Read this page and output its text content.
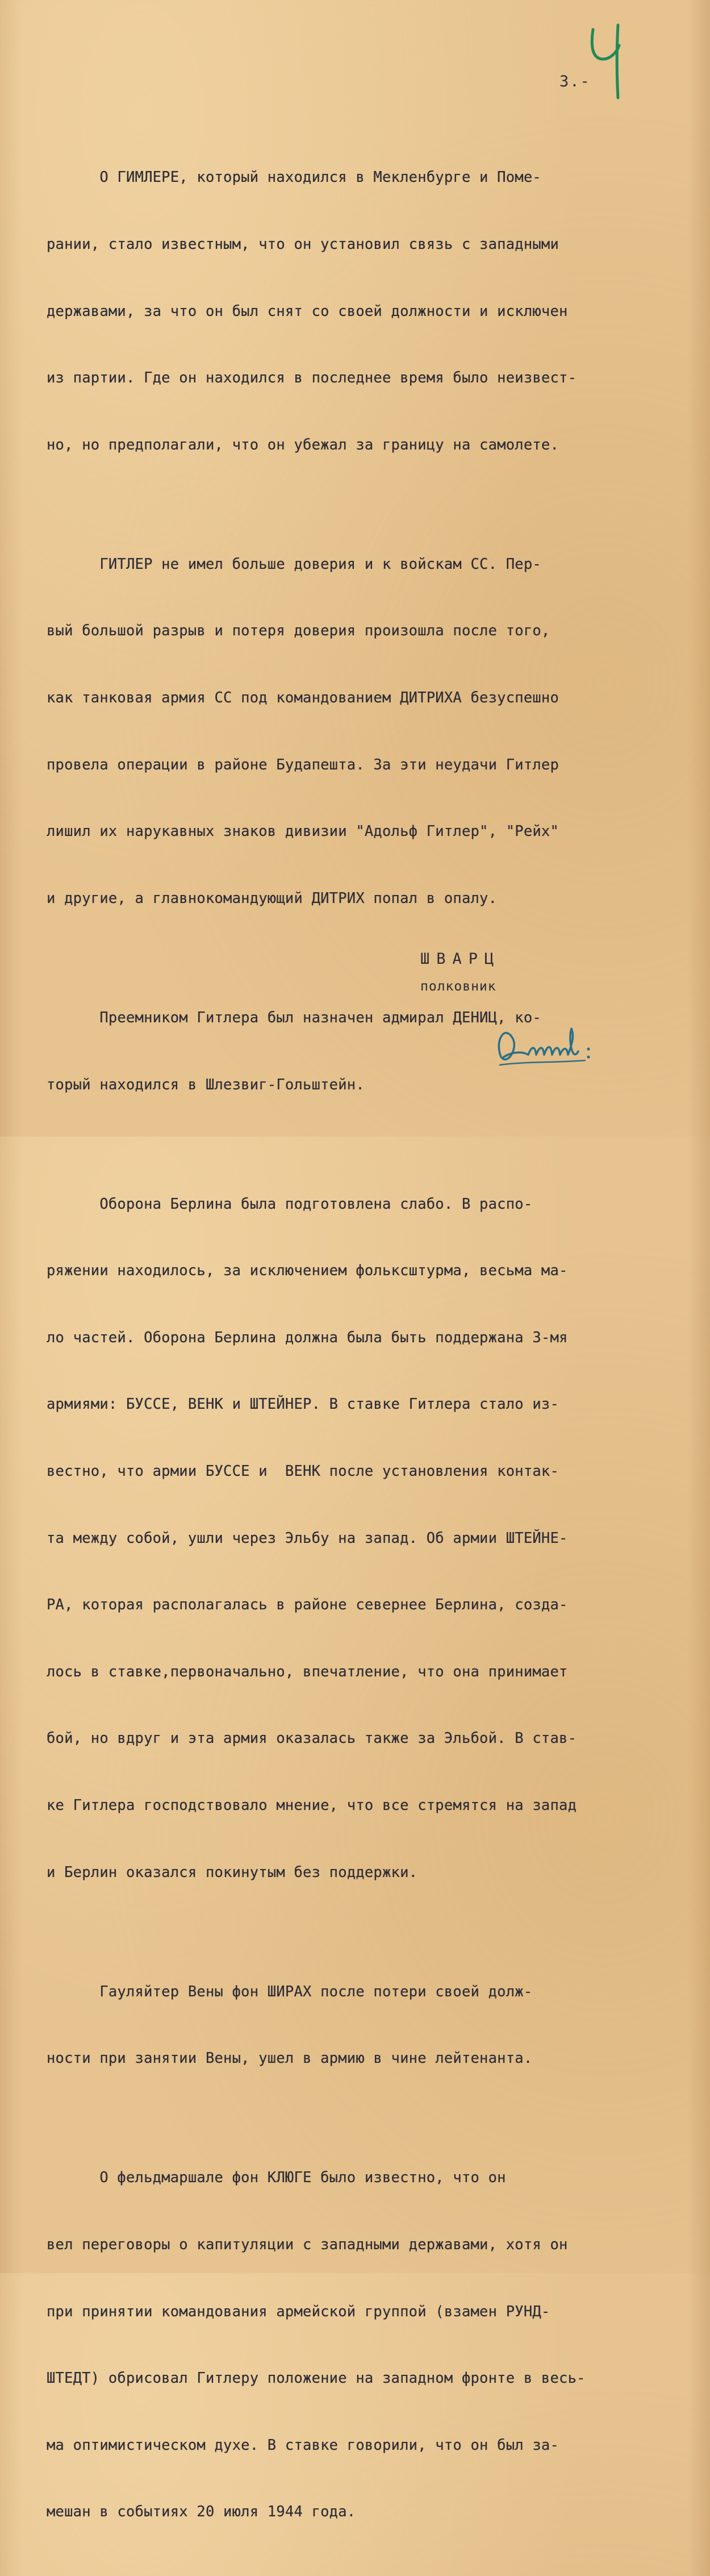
3.-

О ГИМЛЕРЕ, который находился в Мекленбурге и Поме-

рании, стало известным, что он установил связь с западными

державами, за что он был снят со своей должности и исключен

из партии. Где он находился в последнее время было неизвест-

но, но предполагали, что он убежал за границу на самолете.

ГИТЛЕР не имел больше доверия и к войскам СС. Пер-

вый большой разрыв и потеря доверия произошла после того,

как танковая армия СС под командованием ДИТРИХА безуспешно

провела операции в районе Будапешта. За эти неудачи Гитлер

лишил их нарукавных знаков дивизии "Адольф Гитлер", "Рейх"

и другие, а главнокомандующий ДИТРИХ попал в опалу.

Преемником Гитлера был назначен адмирал ДЕНИЦ, ко-

торый находился в Шлезвиг-Гольштейн.

Оборона Берлина была подготовлена слабо. В распо-

ряжении находилось, за исключением фольксштурма, весьма ма-

ло частей. Оборона Берлина должна была быть поддержана 3-мя

армиями: БУССЕ, ВЕНК и ШТЕЙНЕР. В ставке Гитлера стало из-

вестно, что армии БУССЕ и  ВЕНК после установления контак-

та между собой, ушли через Эльбу на запад. Об армии ШТЕЙНЕ-

РА, которая располагалась в районе севернее Берлина, созда-

лось в ставке,первоначально, впечатление, что она принимает

бой, но вдруг и эта армия оказалась также за Эльбой. В став-

ке Гитлера господствовало мнение, что все стремятся на запад

и Берлин оказался покинутым без поддержки.

Гауляйтер Вены фон ШИРАХ после потери своей долж-

ности при занятии Вены, ушел в армию в чине лейтенанта.

О фельдмаршале фон КЛЮГЕ было известно, что он

вел переговоры о капитуляции с западными державами, хотя он

при принятии командования армейской группой (взамен РУНД-

ШТЕДТ) обрисовал Гитлеру положение на западном фронте в весь-

ма оптимистическом духе. В ставке говорили, что он был за-

мешан в событиях 20 июля 1944 года.

ШВАРЦ
полковник
